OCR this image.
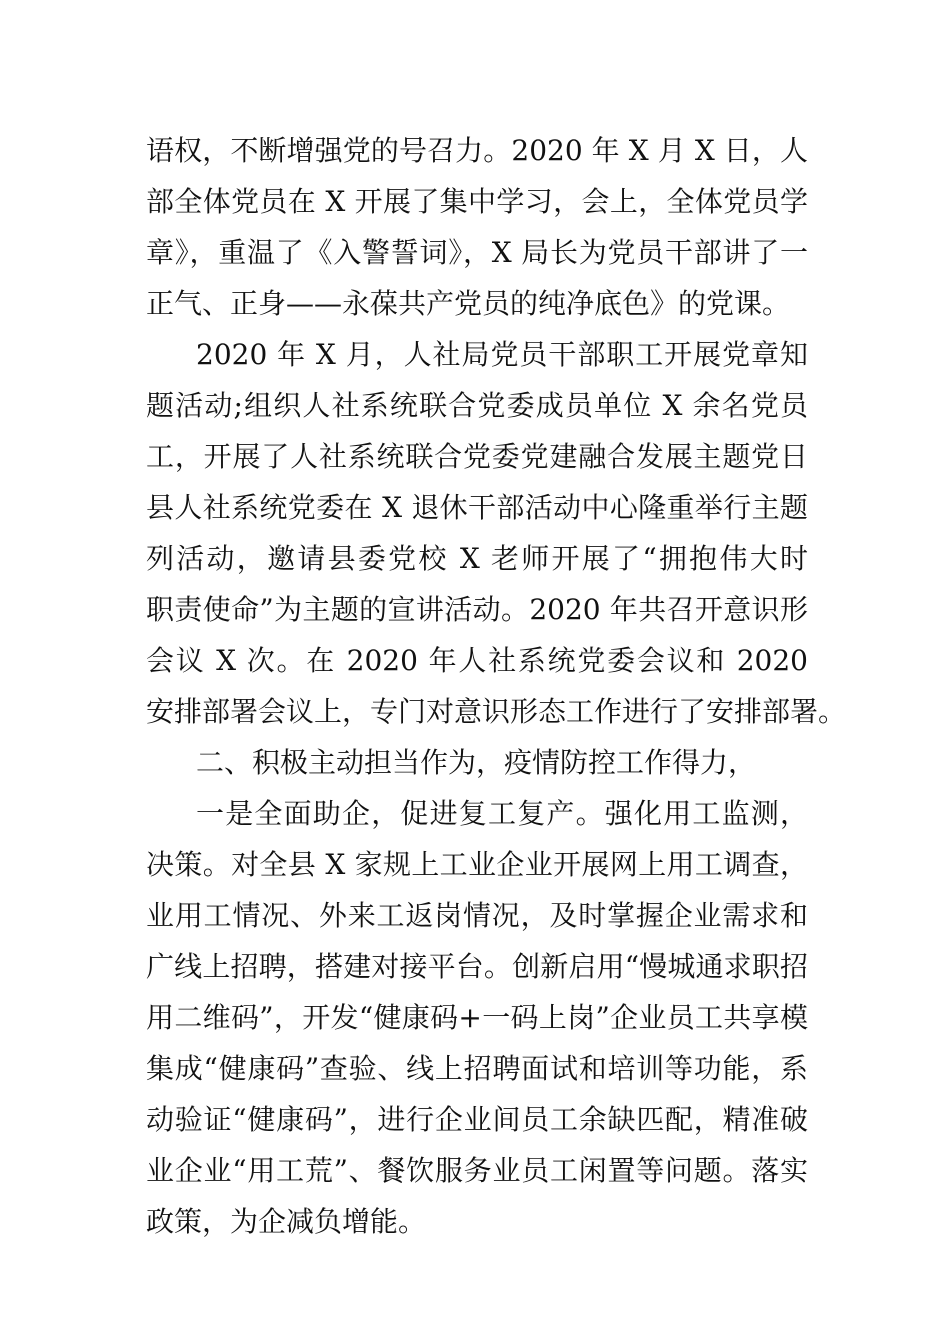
语权，不断增强党的号召力。2020 年 X 月 X 日，人
部全体党员在 X 开展了集中学习，会上，全体党员学
章》，重温了《入警誓词》，X 局长为党员干部讲了一
正气、正身——永葆共产党员的纯净底色》的党课。
2020 年 X 月，人社局党员干部职工开展党章知
题活动;组织人社系统联合党委成员单位 X 余名党员
工，开展了人社系统联合党委党建融合发展主题党日
县人社系统党委在 X 退休干部活动中心隆重举行主题
列活动，邀请县委党校 X 老师开展了“拥抱伟大时
职责使命”为主题的宣讲活动。2020 年共召开意识形
会议 X 次。在 2020 年人社系统党委会议和 2020
安排部署会议上，专门对意识形态工作进行了安排部署。
二、积极主动担当作为，疫情防控工作得力，
一是全面助企，促进复工复产。强化用工监测，
决策。对全县 X 家规上工业企业开展网上用工调查，
业用工情况、外来工返岗情况，及时掌握企业需求和
广线上招聘，搭建对接平台。创新启用“慢城通求职招
用二维码”，开发“健康码+一码上岗”企业员工共享模
集成“健康码”查验、线上招聘面试和培训等功能，系
动验证“健康码”，进行企业间员工余缺匹配，精准破
业企业“用工荒”、餐饮服务业员工闲置等问题。落实
政策，为企减负增能。
